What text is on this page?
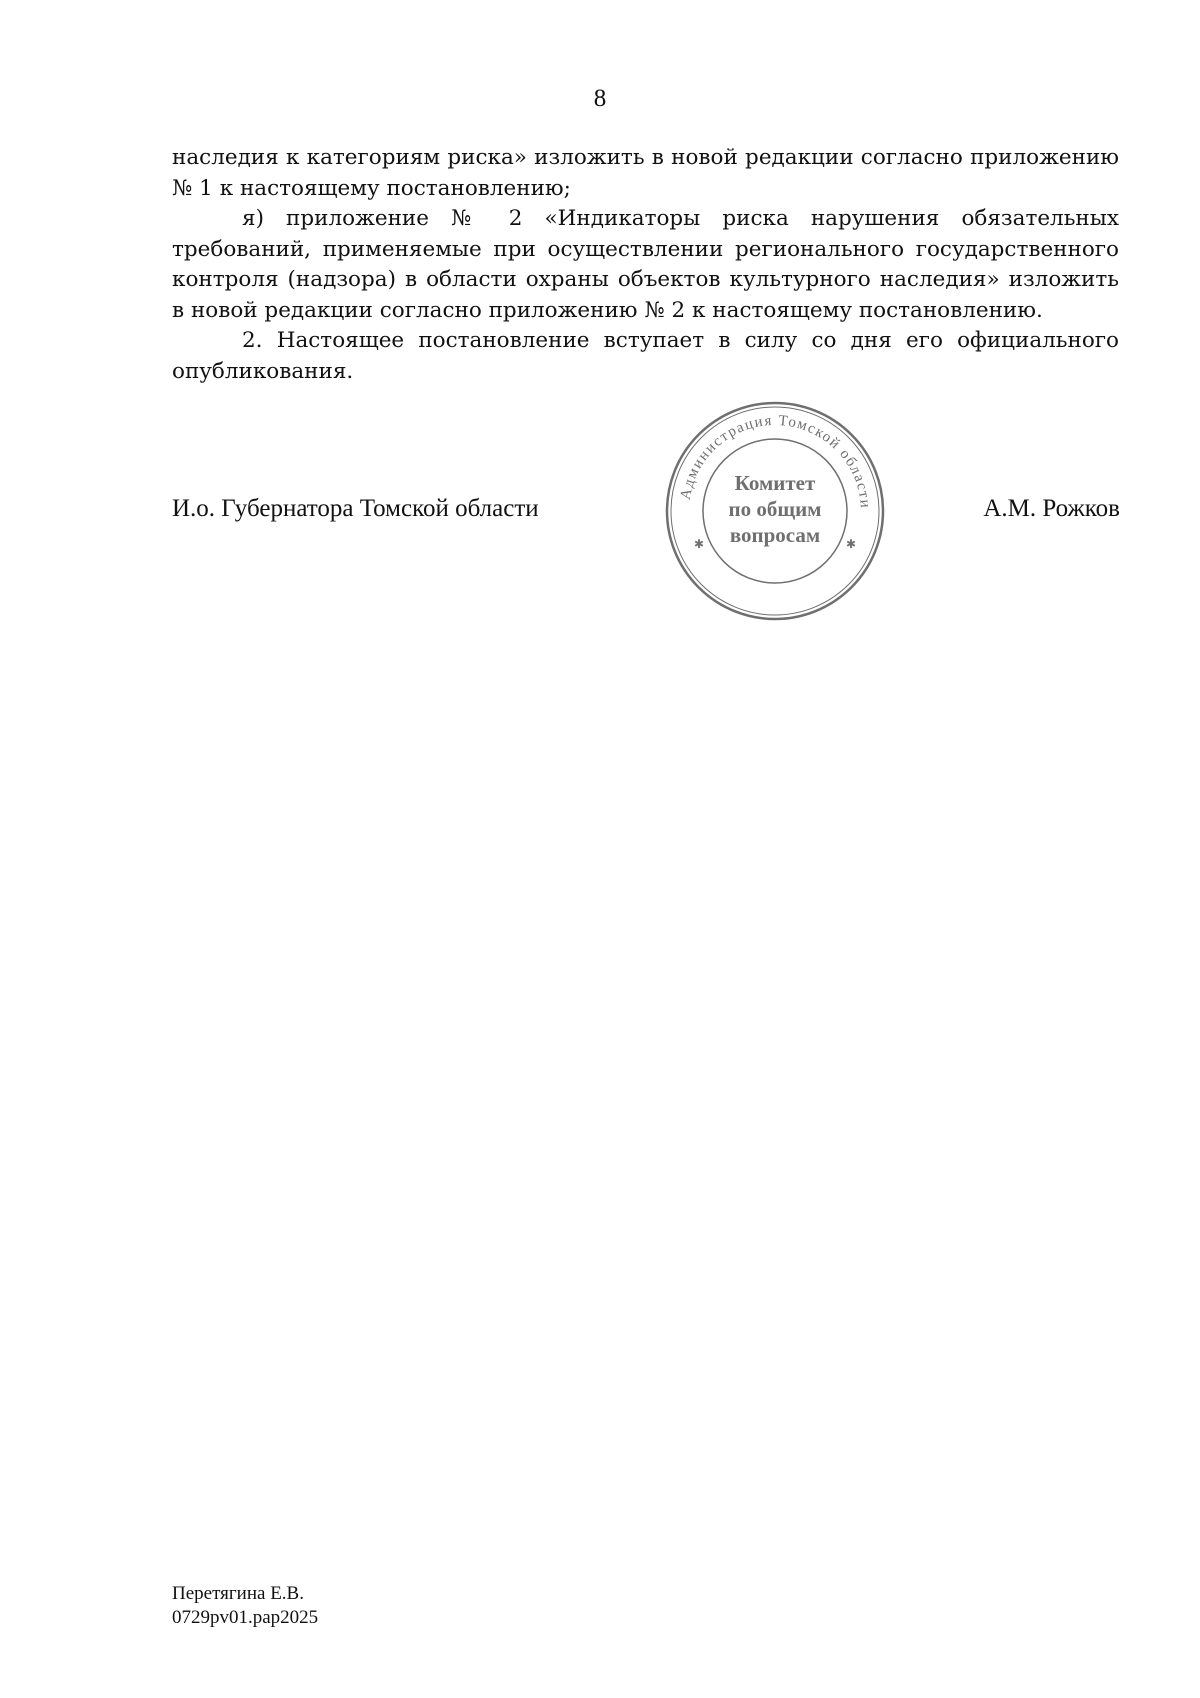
8

наследия к категориям риска» изложить в новой редакции согласно приложению № 1 к настоящему постановлению;

я) приложение № 2 «Индикаторы риска нарушения обязательных требований, применяемые при осуществлении регионального государственного контроля (надзора) в области охраны объектов культурного наследия» изложить в новой редакции согласно приложению № 2 к настоящему постановлению.

2. Настоящее постановление вступает в силу со дня его официального опубликования.

И.о. Губернатора Томской области	А.М. Рожков
Администрация Томской области
✱	✱
Комитет
по общим
вопросам
Перетягина Е.В.
0729pv01.pap2025
